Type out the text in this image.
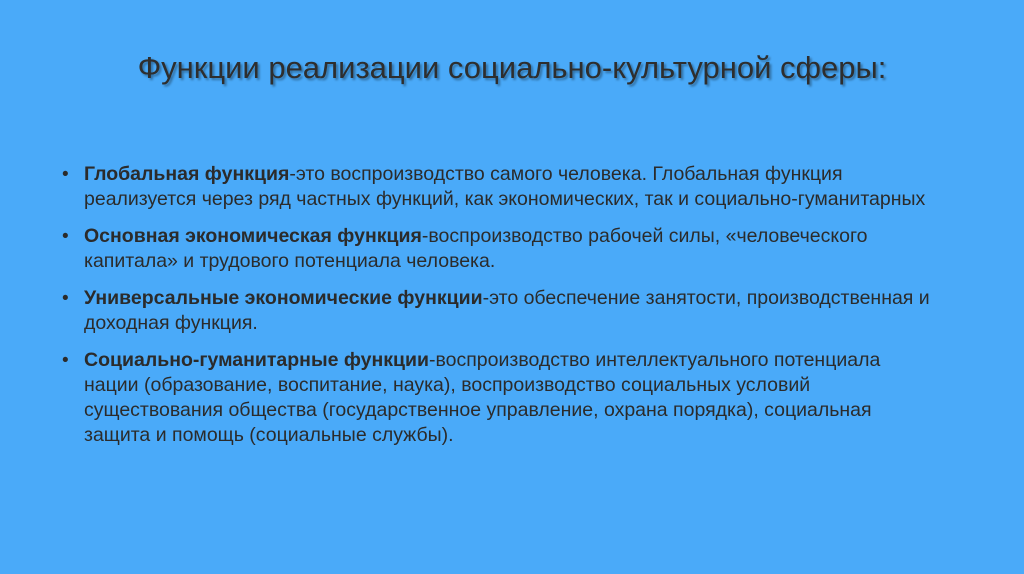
Функции реализации социально-культурной сферы:
• Глобальная функция-это воспроизводство самого человека. Глобальная функция реализуется через ряд частных функций, как экономических, так и социально-гуманитарных
• Основная экономическая функция-воспроизводство рабочей силы, «человеческого капитала» и трудового потенциала человека.
• Универсальные экономические функции-это обеспечение занятости, производственная и доходная функция.
• Социально-гуманитарные функции-воспроизводство интеллектуального потенциала нации (образование, воспитание, наука), воспроизводство социальных условий существования общества (государственное управление, охрана порядка), социальная защита и помощь (социальные службы).
